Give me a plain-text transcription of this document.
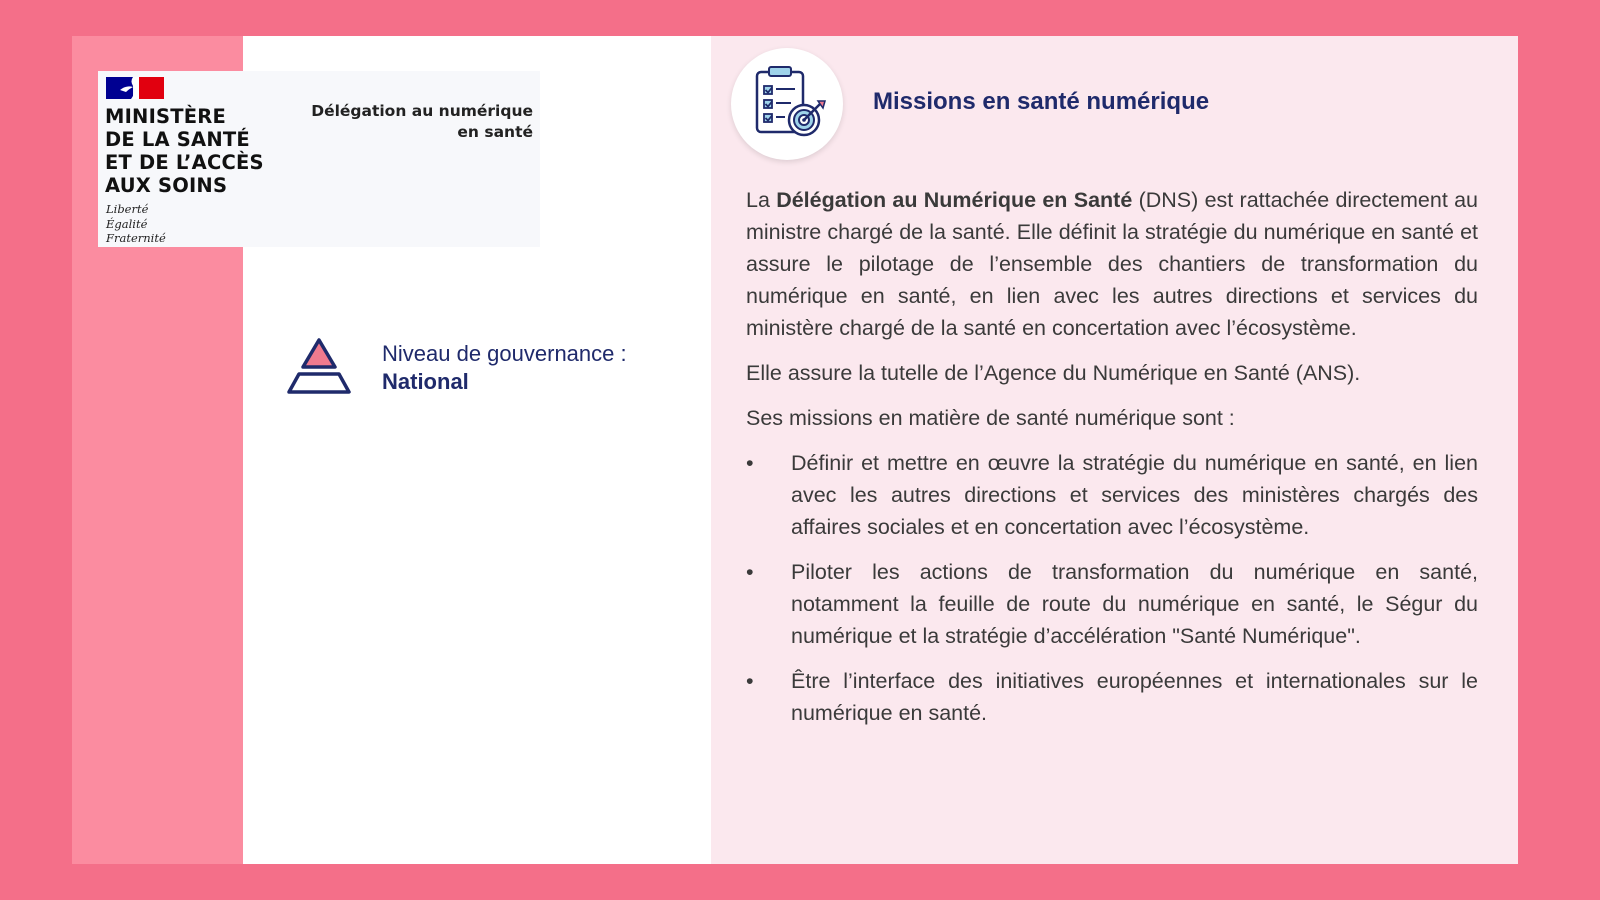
MINISTÈRE
DE LA SANTÉ
ET DE L’ACCÈS
AUX SOINS

Liberté
Égalité
Fraternité

Délégation au numérique
en santé
Niveau de gouvernance :
National
Missions en santé numérique

La Délégation au Numérique en Santé (DNS) est rattachée directement au ministre chargé de la santé. Elle définit la stratégie du numérique en santé et assure le pilotage de l’ensemble des chantiers de transformation du numérique en santé, en lien avec les autres directions et services du ministère chargé de la santé en concertation avec l’écosystème.

Elle assure la tutelle de l’Agence du Numérique en Santé (ANS).

Ses missions en matière de santé numérique sont :

• Définir et mettre en œuvre la stratégie du numérique en santé, en lien avec les autres directions et services des ministères chargés des affaires sociales et en concertation avec l’écosystème.
• Piloter les actions de transformation du numérique en santé, notamment la feuille de route du numérique en santé, le Ségur du numérique et la stratégie d’accélération "Santé Numérique".
• Être l’interface des initiatives européennes et internationales sur le numérique en santé.
